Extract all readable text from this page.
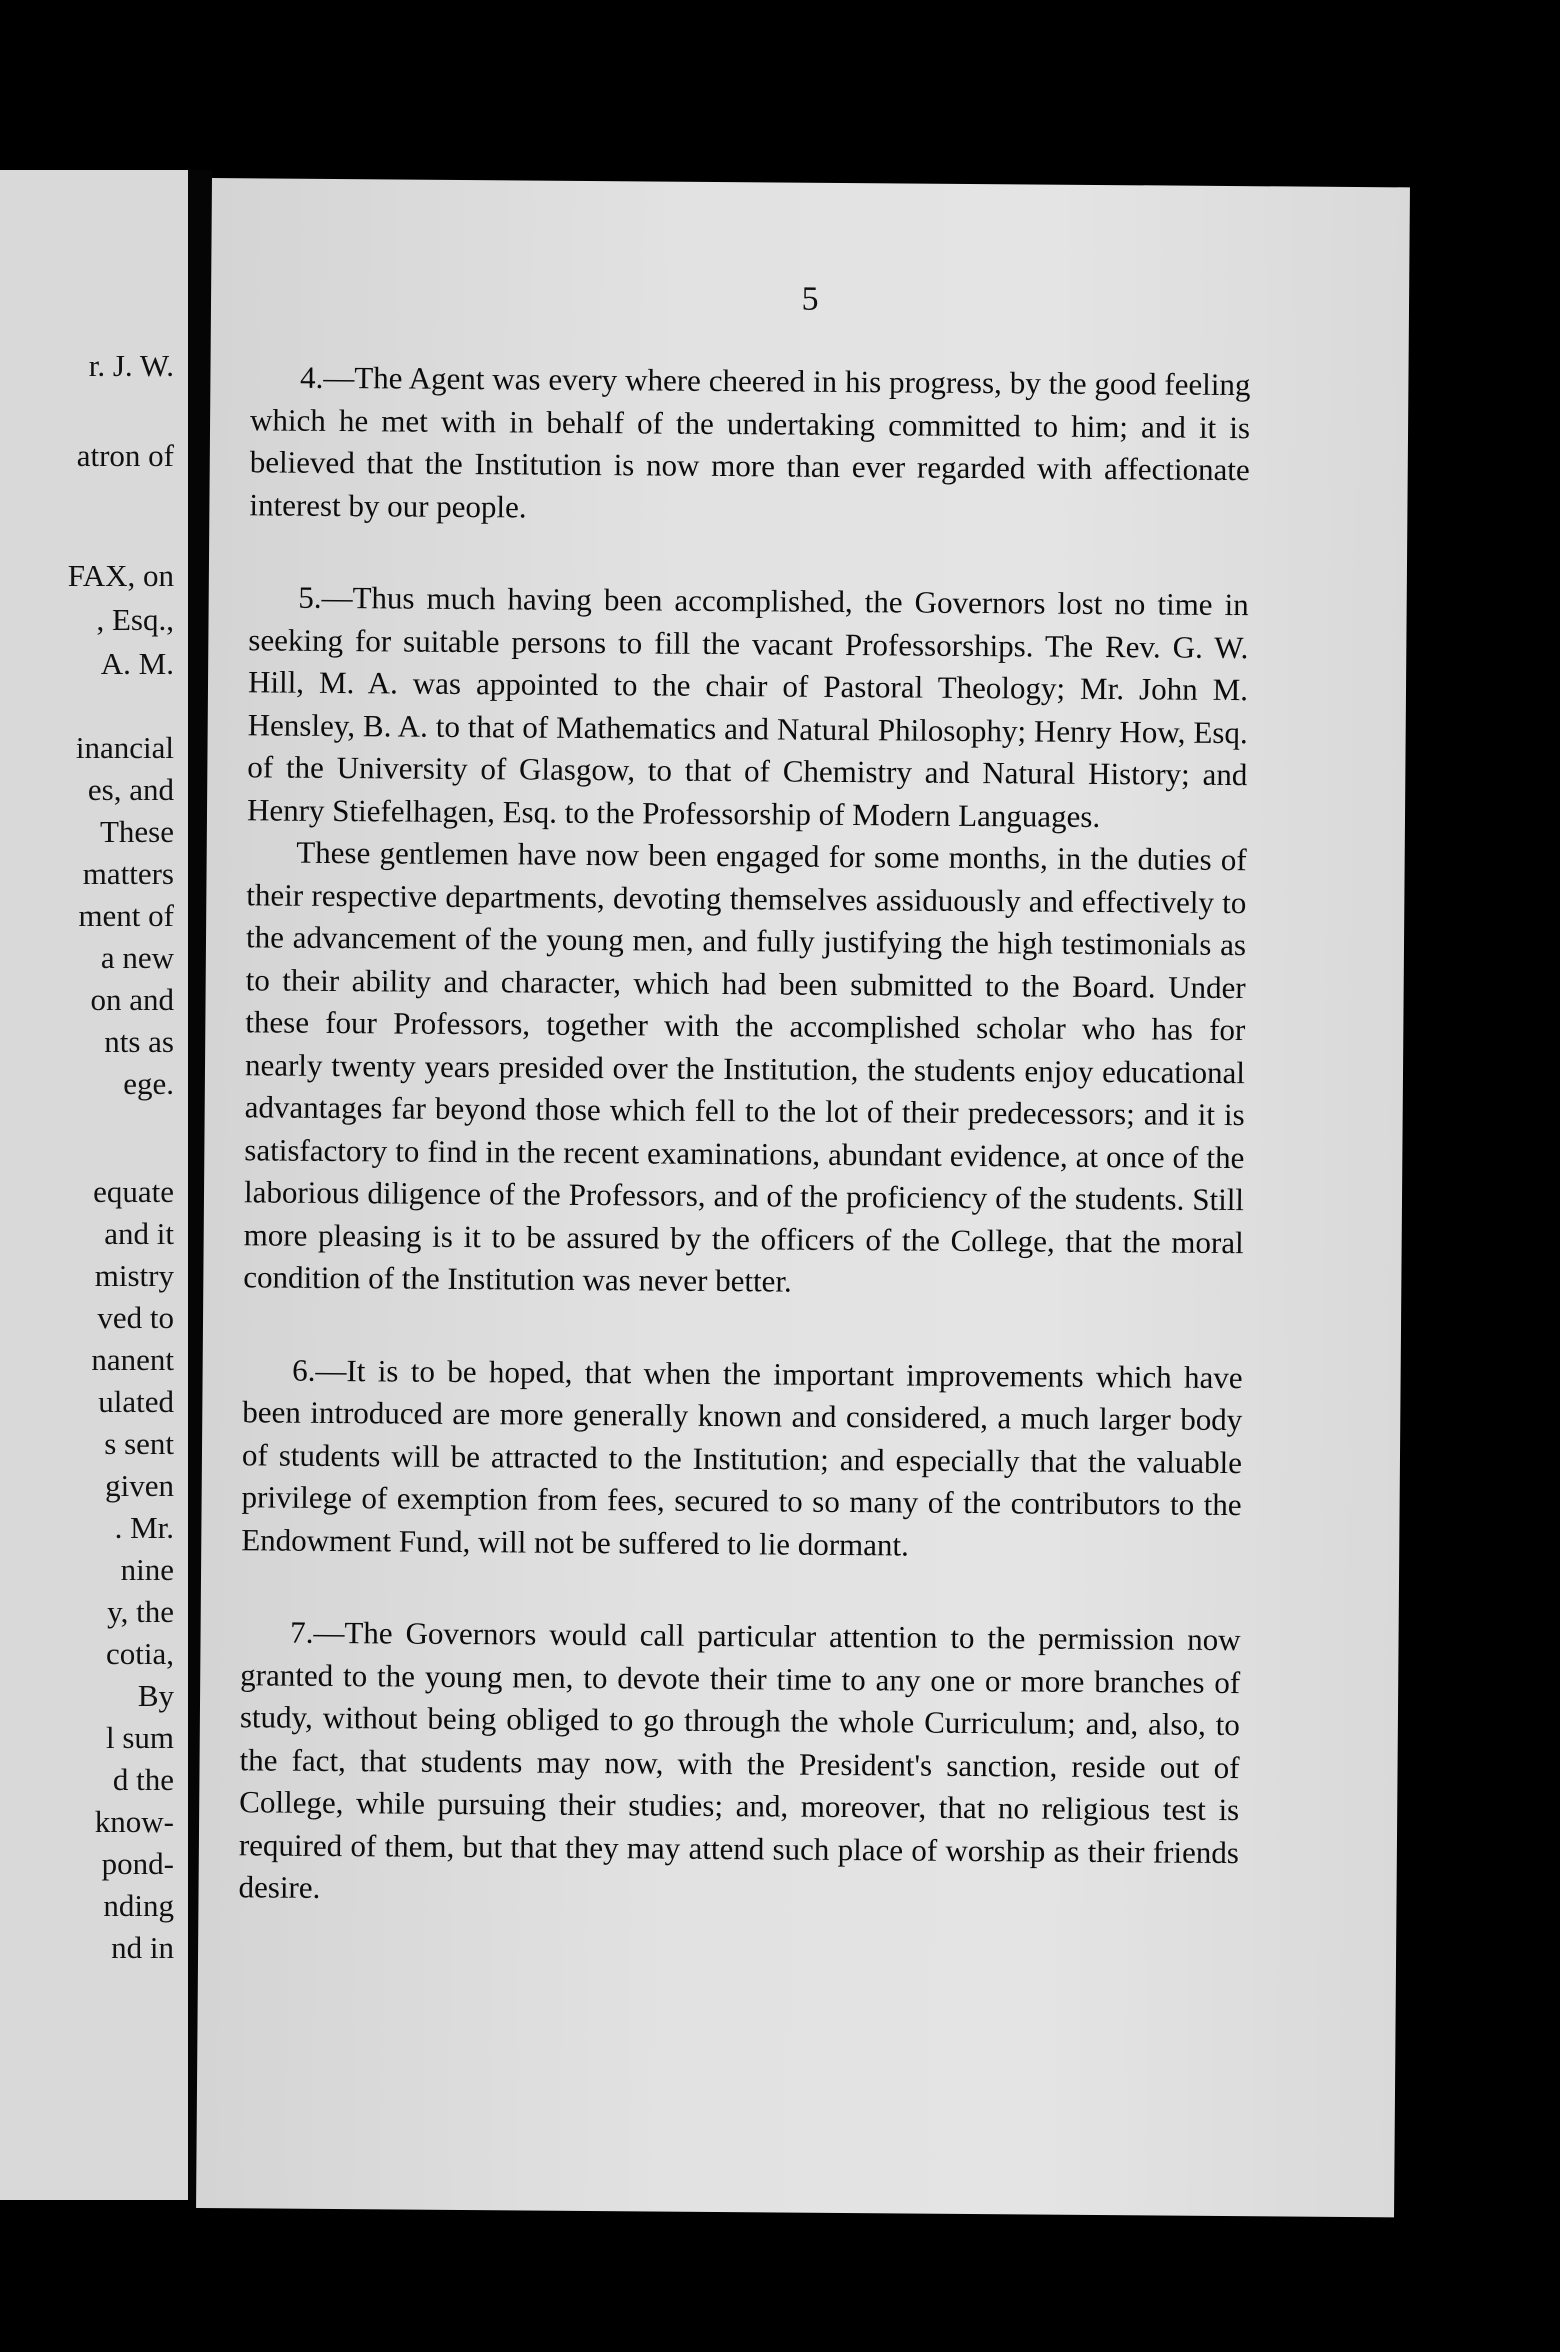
r. J. W.
atron of
FAX, on
, Esq.,
A. M.
inancial
es, and
These
matters
ment of
a new
on and
nts as
ege.
equate
and it
mistry
ved to
nanent
ulated
s sent
given
. Mr.
nine
y, the
cotia,
By
l sum
d the
know-
pond-
nding
nd in
5

4.—The Agent was every where cheered in his progress, by the good feeling which he met with in behalf of the undertaking committed to him; and it is believed that the Institution is now more than ever regarded with affectionate interest by our people.

5.—Thus much having been accomplished, the Governors lost no time in seeking for suitable persons to fill the vacant Professorships. The Rev. G. W. Hill, M. A. was appointed to the chair of Pastoral Theology; Mr. John M. Hensley, B. A. to that of Mathematics and Natural Philosophy; Henry How, Esq. of the University of Glasgow, to that of Chemistry and Natural History; and Henry Stiefelhagen, Esq. to the Professorship of Modern Languages.

These gentlemen have now been engaged for some months, in the duties of their respective departments, devoting themselves assiduously and effectively to the advancement of the young men, and fully justifying the high testimonials as to their ability and character, which had been submitted to the Board. Under these four Professors, together with the accomplished scholar who has for nearly twenty years presided over the Institution, the students enjoy educational advantages far beyond those which fell to the lot of their predecessors; and it is satisfactory to find in the recent examinations, abundant evidence, at once of the laborious diligence of the Professors, and of the proficiency of the students. Still more pleasing is it to be assured by the officers of the College, that the moral condition of the Institution was never better.

6.—It is to be hoped, that when the important improvements which have been introduced are more generally known and considered, a much larger body of students will be attracted to the Institution; and especially that the valuable privilege of exemption from fees, secured to so many of the contributors to the Endowment Fund, will not be suffered to lie dormant.

7.—The Governors would call particular attention to the permission now granted to the young men, to devote their time to any one or more branches of study, without being obliged to go through the whole Curriculum; and, also, to the fact, that students may now, with the President's sanction, reside out of College, while pursuing their studies; and, moreover, that no religious test is required of them, but that they may attend such place of worship as their friends desire.
